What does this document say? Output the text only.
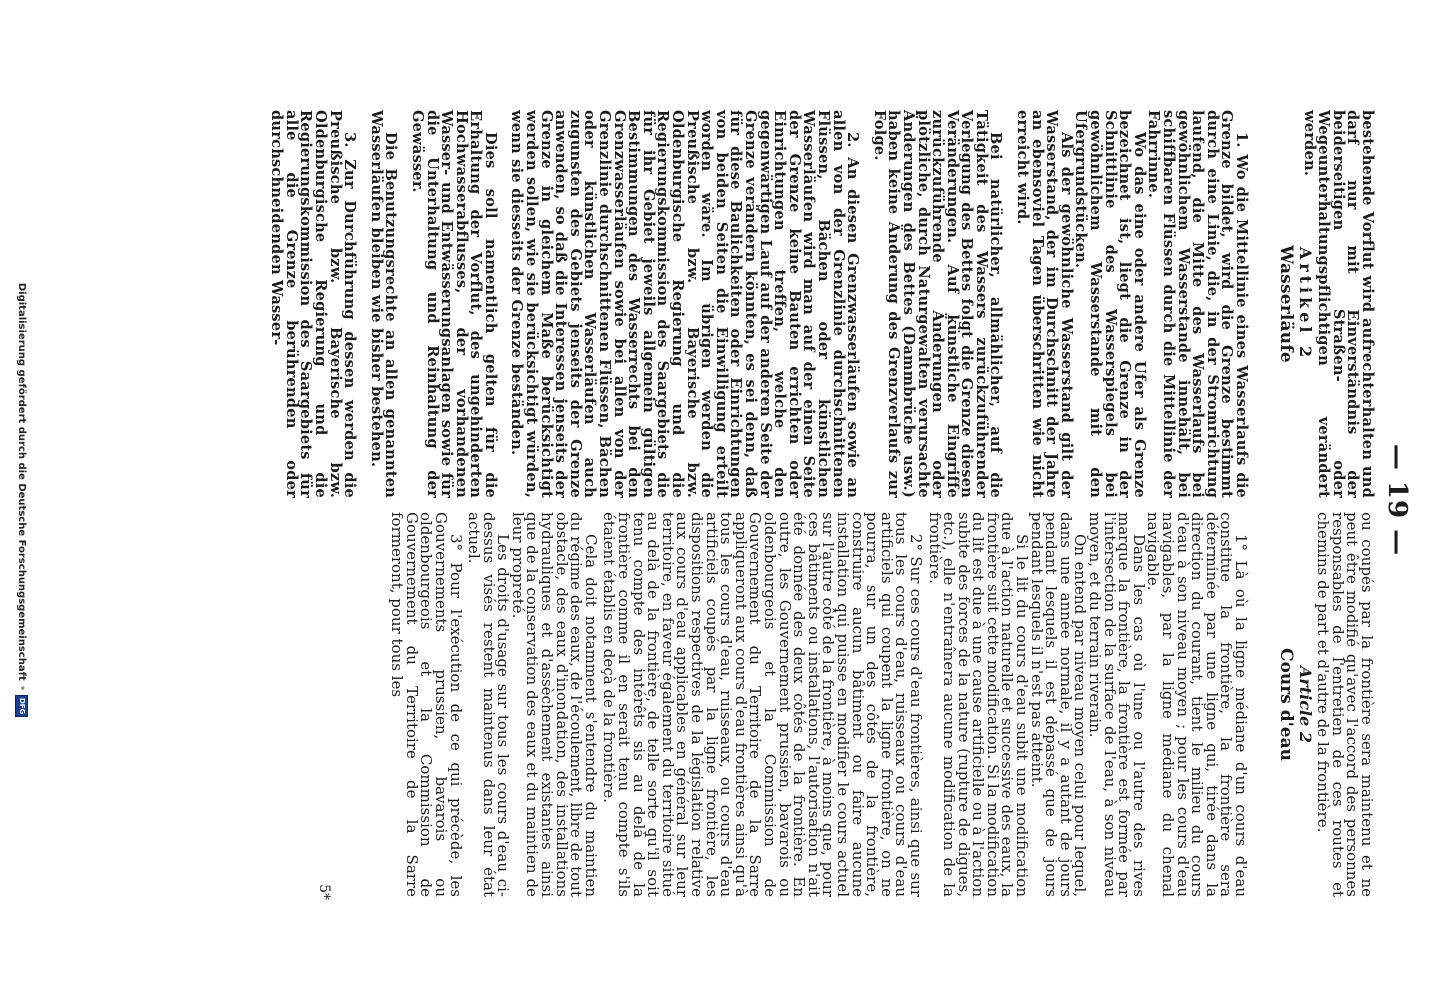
— 19 —

bestehende Vorflut wird aufrechterhalten und darf nur mit Einverständnis der beiderseitigen Straßen- oder Wegeunterhaltungspflichtigen verändert werden.

Artikel 2

Wasserläufe

1. Wo die Mittellinie eines Wasserlaufs die Grenze bildet, wird die Grenze bestimmt durch eine Linie, die, in der Stromrichtung laufend, die Mitte des Wasserlaufs bei gewöhnlichem Wasserstande innehält, bei schiffbaren Flüssen durch die Mittellinie der Fahrrinne.

Wo das eine oder andere Ufer als Grenze bezeichnet ist, liegt die Grenze in der Schnittlinie des Wasserspiegels bei gewöhnlichem Wasserstande mit den Ufergrundstücken.

Als der gewöhnliche Wasserstand gilt der Wasserstand, der im Durchschnitt der Jahre an ebensoviel Tagen überschritten wie nicht erreicht wird.

Bei natürlicher, allmählicher, auf die Tätigkeit des Wassers zurückzuführender Verlegung des Bettes folgt die Grenze diesen Veränderungen. Auf künstliche Eingriffe zurückzuführende Änderungen oder plötzliche, durch Naturgewalten verursachte Änderungen des Bettes (Dammbrüche usw.) haben keine Änderung des Grenzverlaufs zur Folge.

2. An diesen Grenzwasserläufen sowie an allen von der Grenzlinie durchschnittenen Flüssen, Bächen oder künstlichen Wasserläufen wird man auf der einen Seite der Grenze keine Bauten errichten oder Einrichtungen treffen, welche den gegenwärtigen Lauf auf der anderen Seite der Grenze verändern könnten, es sei denn, daß für diese Baulichkeiten oder Einrichtungen von beiden Seiten die Einwilligung erteilt worden wäre. Im übrigen werden die Preußische bzw. Bayerische bzw. Oldenburgische Regierung und die Regierungskommission des Saargebiets die für ihr Gebiet jeweils allgemein gültigen Bestimmungen des Wasserrechts bei den Grenzwasserläufen sowie bei allen von der Grenzlinie durchschnittenen Flüssen, Bächen oder künstlichen Wasserläufen auch zugunsten des Gebiets jenseits der Grenze anwenden, so daß die Interessen jenseits der Grenze in gleichem Maße berücksichtigt werden sollen, wie sie berücksichtigt würden, wenn sie diesseits der Grenze beständen.

Dies soll namentlich gelten für die Erhaltung der Vorflut, des ungehinderten Hochwasserabflusses, der vorhandenen Wasser- und Entwässerungsanlagen sowie für die Unterhaltung und Reinhaltung der Gewässer.

Die Benutzungsrechte an allen genannten Wasserläufen bleiben wie bisher bestehen.

3. Zur Durchführung dessen werden die Preußische bzw. Bayerische bzw. Oldenburgische Regierung und die Regierungskommission des Saargebiets für alle die Grenze berührenden oder durchschneidenden Wasser-

ou coupés par la frontière sera maintenu et ne peut être modifié qu'avec l'accord des personnes responsables de l'entretien de ces routes et chemins de part et d'autre de la frontière.

Article 2

Cours d'eau

1° Là où la ligne médiane d'un cours d'eau constitue la frontière, la frontière sera déterminée par une ligne qui, tirée dans la direction du courant, tient le milieu du cours d'eau à son niveau moyen ; pour les cours d'eau navigables, par la ligne médiane du chenal navigable.

Dans les cas où l'une ou l'autre des rives marque la frontière, la frontière est formée par l'intersection de la surface de l'eau, à son niveau moyen, et du terrain riverain.

On entend par niveau moyen celui pour lequel, dans une année normale, il y a autant de jours pendant lesquels il est dépassé que de jours pendant lesquels il n'est pas atteint.

Si le lit du cours d'eau subit une modification due à l'action naturelle et successive des eaux, la frontière suit cette modification. Si la modification du lit est due à une cause artificielle ou à l'action subite des forces de la nature (rupture de digues, etc.), elle n'entraînera aucune modification de la frontière.

2° Sur ces cours d'eau frontières, ainsi que sur tous les cours d'eau, ruisseaux ou cours d'eau artificiels qui coupent la ligne frontière, on ne pourra, sur un des côtés de la frontière, construire aucun bâtiment ou faire aucune installation qui puisse en modifier le cours actuel sur l'autre côté de la frontière, à moins que, pour ces bâtiments ou installations, l'autorisation n'ait été donnée des deux côtés de la frontière. En outre, les Gouvernement prussien, bavarois ou oldenbourgeois et la Commission de Gouvernement du Territoire de la Sarre appliqueront aux cours d'eau frontières ainsi qu'à tous les cours d'eau, ruisseaux, ou cours d'eau artificiels coupés par la ligne frontière, les dispositions respectives de la législation relative aux cours d'eau applicables en général sur leur territoire, en faveur également du territoire situé au delà de la frontière, de telle sorte qu'il soit tenu compte des intérêts sis au delà de la frontière comme il en serait tenu compte s'ils étaient établis en deçà de la frontière.

Cela doit notamment s'entendre du maintien du régime des eaux, de l'écoulement, libre de tout obstacle, des eaux d'inondation, des installations hydrauliques et d'assèchement existantes ainsi que de la conservation des eaux et du maintien de leur propreté.

Les droits d'usage sur tous les cours d'eau ci-dessus visés restent maintenus dans leur état actuel.

3° Pour l'exécution de ce qui précède, les Gouvernements prussien, bavarois ou oldenbourgeois et la Commission de Gouvernement du Territoire de la Sarre formeront, pour tous les

5*
Digitalisierung gefördert durch die Deutsche Forschungsgemeinschaft
•
DFG
